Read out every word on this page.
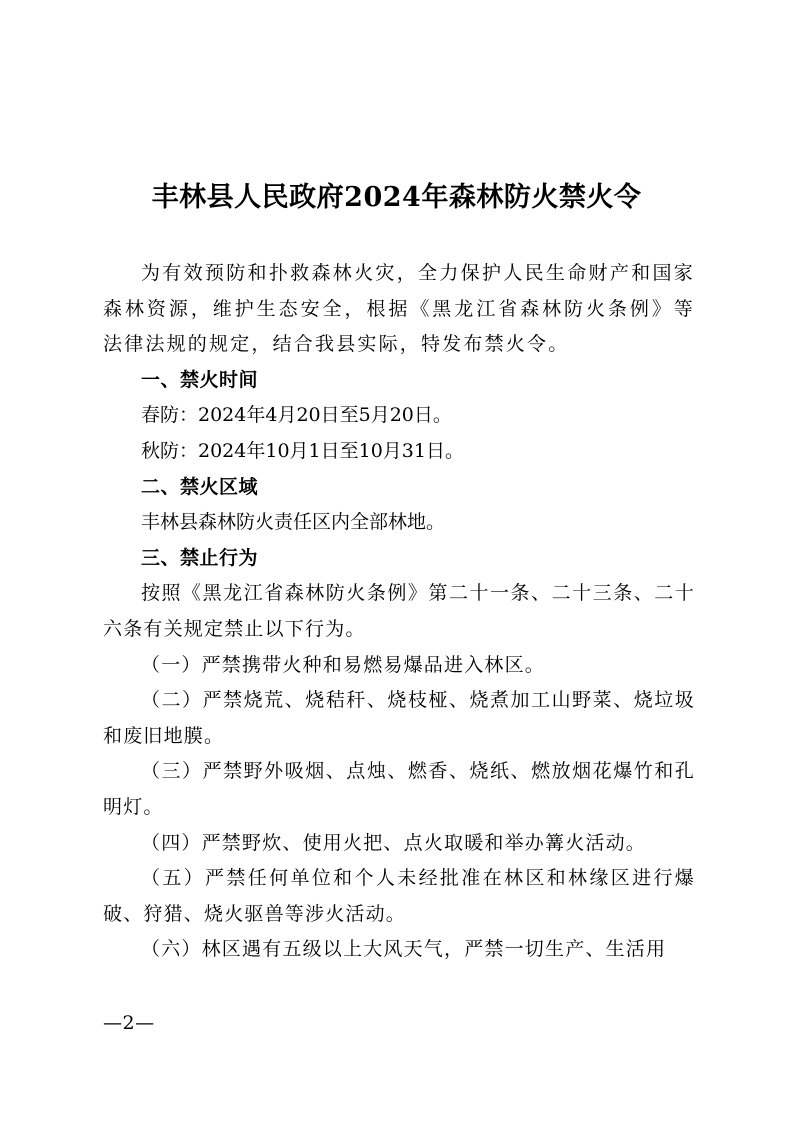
丰林县人民政府2024年森林防火禁火令

为有效预防和扑救森林火灾，全力保护人民生命财产和国家森林资源，维护生态安全，根据《黑龙江省森林防火条例》等法律法规的规定，结合我县实际，特发布禁火令。

一、禁火时间

春防：2024年4月20日至5月20日。

秋防：2024年10月1日至10月31日。

二、禁火区域

丰林县森林防火责任区内全部林地。

三、禁止行为

按照《黑龙江省森林防火条例》第二十一条、二十三条、二十六条有关规定禁止以下行为。

（一）严禁携带火种和易燃易爆品进入林区。

（二）严禁烧荒、烧秸秆、烧枝桠、烧煮加工山野菜、烧垃圾和废旧地膜。

（三）严禁野外吸烟、点烛、燃香、烧纸、燃放烟花爆竹和孔明灯。

（四）严禁野炊、使用火把、点火取暖和举办篝火活动。

（五）严禁任何单位和个人未经批准在林区和林缘区进行爆破、狩猎、烧火驱兽等涉火活动。

（六）林区遇有五级以上大风天气，严禁一切生产、生活用

—2—
